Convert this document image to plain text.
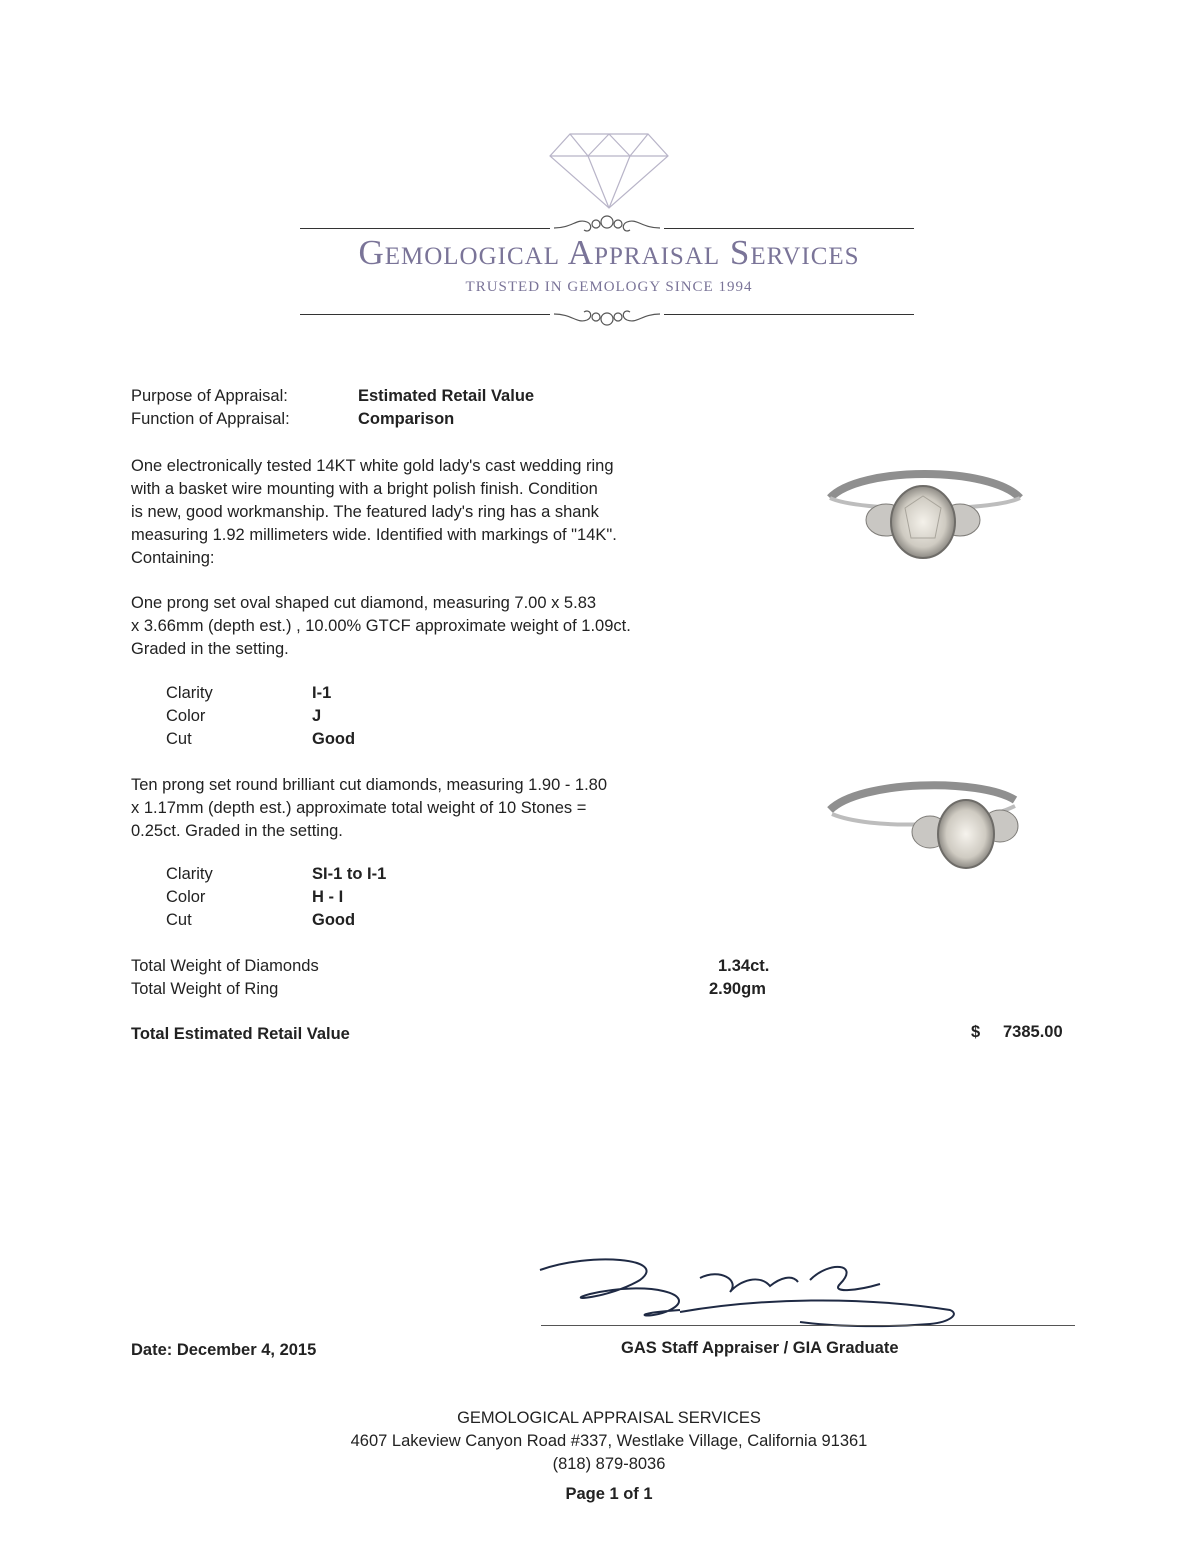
Gemological Appraisal Services
TRUSTED IN GEMOLOGY SINCE 1994
Purpose of Appraisal:	Estimated Retail Value
Function of Appraisal:	Comparison
One electronically tested 14KT white gold lady's cast wedding ring
with a basket wire mounting with a bright polish finish. Condition
is new, good workmanship. The featured lady's ring has a shank
measuring 1.92 millimeters wide. Identified with markings of "14K".
Containing:
One prong set oval shaped cut diamond, measuring 7.00 x 5.83
x 3.66mm (depth est.) , 10.00% GTCF approximate weight of 1.09ct.
Graded in the setting.
Clarity	I-1
Color	J
Cut	Good
Ten prong set round brilliant cut diamonds, measuring 1.90 - 1.80
x 1.17mm (depth est.) approximate total weight of 10 Stones =
0.25ct. Graded in the setting.
Clarity	SI-1 to I-1
Color	H - I
Cut	Good
Total Weight of Diamonds	1.34ct.
Total Weight of Ring	2.90gm
Total Estimated Retail Value	$ 7385.00
Date: December 4, 2015	GAS Staff Appraiser / GIA Graduate
GEMOLOGICAL APPRAISAL SERVICES
4607 Lakeview Canyon Road #337, Westlake Village, California 91361
(818) 879-8036
Page 1 of 1
